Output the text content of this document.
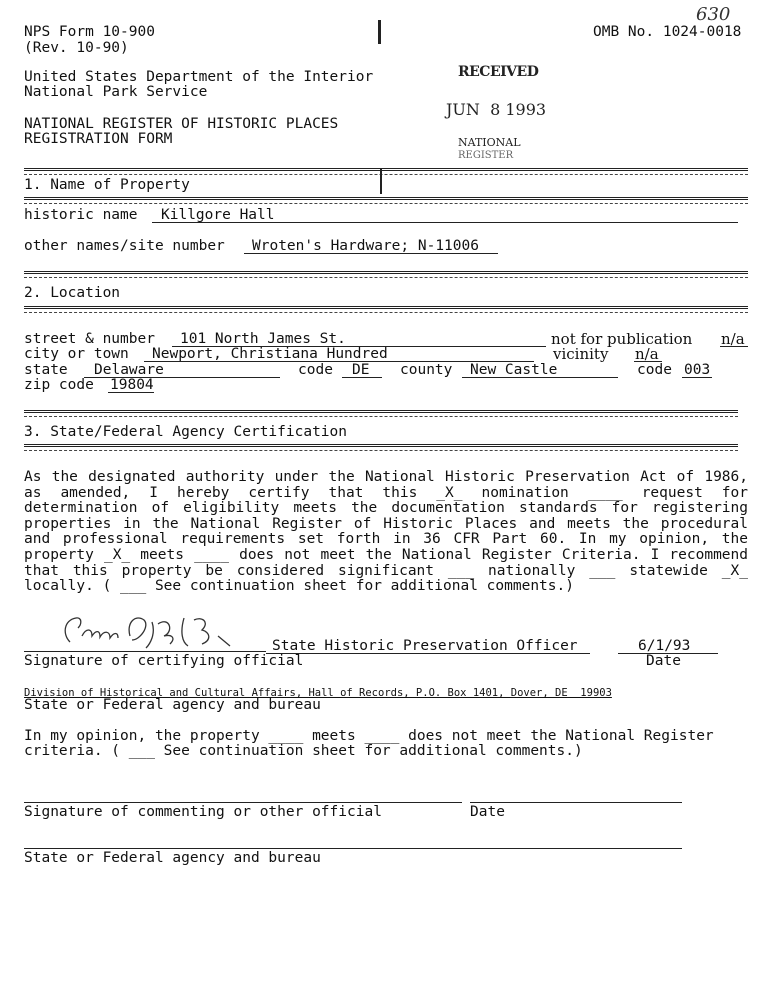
NPS Form 10-900
(Rev. 10-90)
OMB No. 1024-0018
630
United States Department of the Interior
National Park Service
NATIONAL REGISTER OF HISTORIC PLACES
REGISTRATION FORM
RECEIVED
JUN  8 1993
NATIONAL
REGISTER
1. Name of Property
historic name Killgore Hall
other names/site number Wroten's Hardware; N-11006
2. Location
street & number 101 North James St.	not for publication n/a
city or town Newport, Christiana Hundred	vicinity n/a
state Delaware	code DE county New Castle	code 003
zip code 19804
3. State/Federal Agency Certification
As the designated authority under the National Historic Preservation Act of 1986,
as amended, I hereby certify that this _X_ nomination ____ request for
determination of eligibility meets the documentation standards for registering
properties in the National Register of Historic Places and meets the procedural
and professional requirements set forth in 36 CFR Part 60. In my opinion, the
property _X_ meets ____ does not meet the National Register Criteria. I recommend
that this property be considered significant ___ nationally ___ statewide _X_
locally. ( ___ See continuation sheet for additional comments.)
State Historic Preservation Officer	6/1/93
Signature of certifying official	Date
Division of Historical and Cultural Affairs, Hall of Records, P.O. Box 1401, Dover, DE  19903
State or Federal agency and bureau
In my opinion, the property ____ meets ____ does not meet the National Register
criteria. ( ___ See continuation sheet for additional comments.)
Signature of commenting or other official	Date
State or Federal agency and bureau
